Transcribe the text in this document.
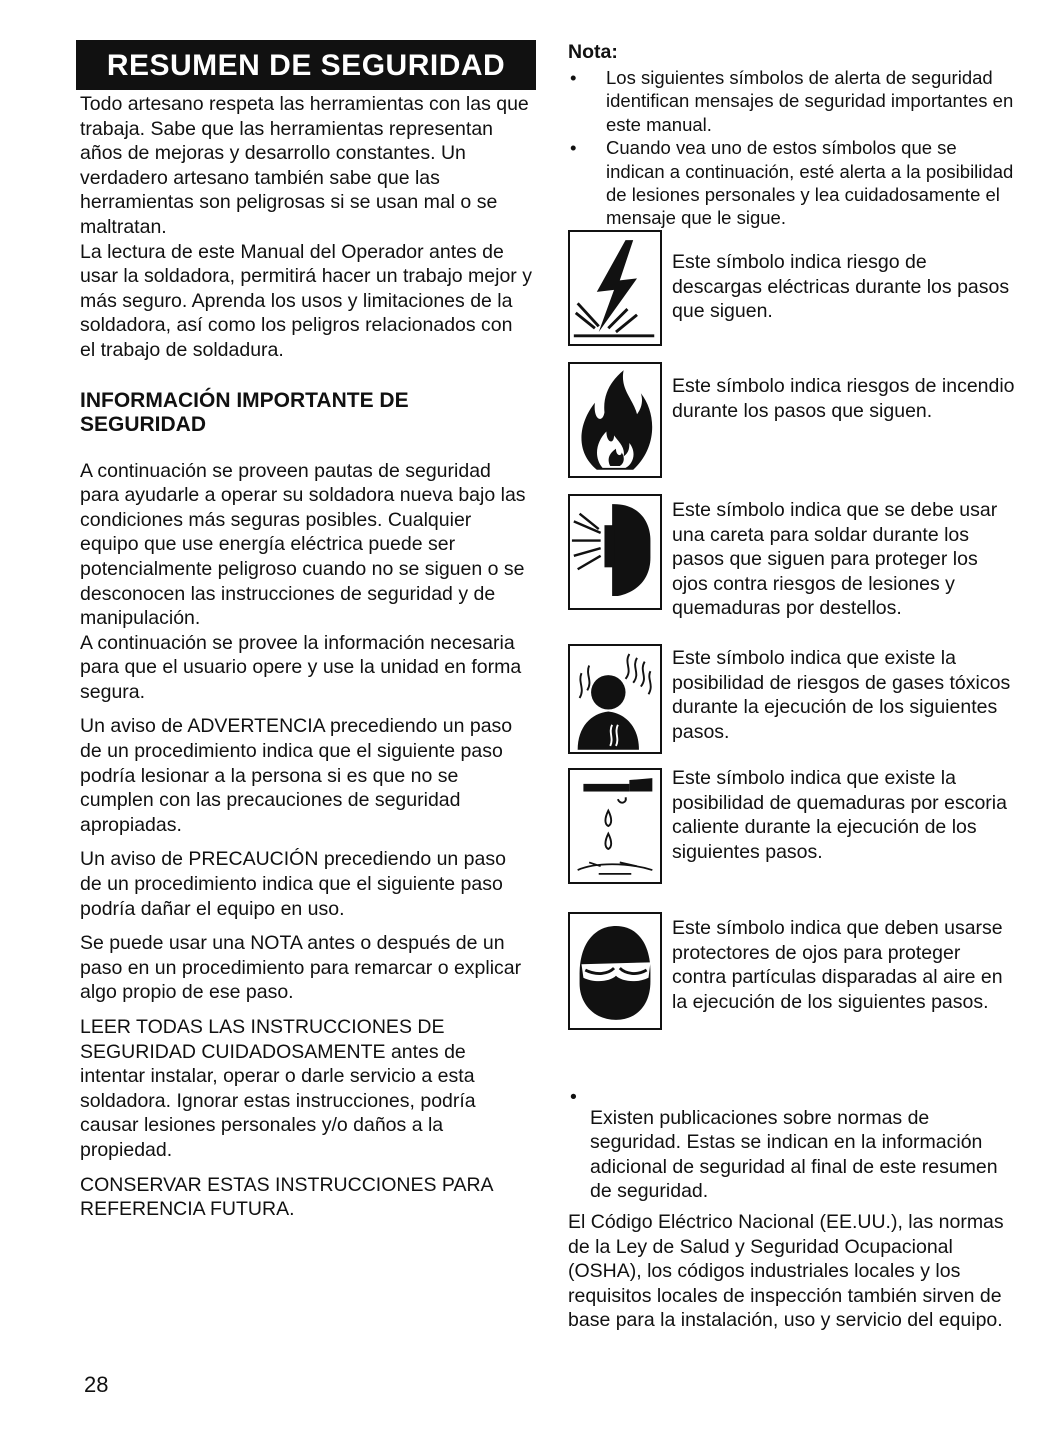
RESUMEN DE SEGURIDAD

Todo artesano respeta las herramientas con las que trabaja. Sabe que las herramientas representan años de mejoras y desarrollo constantes. Un verdadero artesano también sabe que las herramientas son peligrosas si se usan mal o se maltratan.

La lectura de este Manual del Operador antes de usar la soldadora, permitirá hacer un trabajo mejor y más seguro. Aprenda los usos y limitaciones de la soldadora, así como los peligros relacionados con el trabajo de soldadura.

INFORMACIÓN IMPORTANTE DE SEGURIDAD

A continuación se proveen pautas de seguridad para ayudarle a operar su soldadora nueva bajo las condiciones más seguras posibles. Cualquier equipo que use energía eléctrica puede ser potencialmente peligroso cuando no se siguen o se desconocen las instrucciones de seguridad y de manipulación.

A continuación se provee la información necesaria para que el usuario opere y use la unidad en forma segura.

Un aviso de ADVERTENCIA precediendo un paso de un procedimiento indica que el siguiente paso podría lesionar a la persona si es que no se cumplen con las precauciones de seguridad apropiadas.

Un aviso de PRECAUCIÓN precediendo un paso de un procedimiento indica que el siguiente paso podría dañar el equipo en uso.

Se puede usar una NOTA antes o después de un paso en un procedimiento para remarcar o explicar algo propio de ese paso.

LEER TODAS LAS INSTRUCCIONES DE SEGURIDAD CUIDADOSAMENTE antes de intentar instalar, operar o darle servicio a esta soldadora. Ignorar estas instrucciones, podría causar lesiones personales y/o daños a la propiedad.

CONSERVAR ESTAS INSTRUCCIONES PARA REFERENCIA FUTURA.

Nota:

• Los siguientes símbolos de alerta de seguridad identifican mensajes de seguridad importantes en este manual.
• Cuando vea uno de estos símbolos que se indican a continuación, esté alerta a la posibilidad de lesiones personales y lea cuidadosamente el mensaje que le sigue.

Este símbolo indica riesgo de descargas eléctricas durante los pasos que siguen.

Este símbolo indica riesgos de incendio durante los pasos que siguen.

Este símbolo indica que se debe usar una careta para soldar durante los pasos que siguen para proteger los ojos contra riesgos de lesiones y quemaduras por destellos.

Este símbolo indica que existe la posibilidad de riesgos de gases tóxicos durante la ejecución de los siguientes pasos.

Este símbolo indica que existe la posibilidad de quemaduras por escoria caliente durante la ejecución de los siguientes pasos.

Este símbolo indica que deben usarse protectores de ojos para proteger contra partículas disparadas al aire en la ejecución de los siguientes pasos.

•

Existen publicaciones sobre normas de seguridad. Estas se indican en la información adicional de seguridad al final de este resumen de seguridad.

El Código Eléctrico Nacional (EE.UU.), las normas de la Ley de Salud y Seguridad Ocupacional (OSHA), los códigos industriales locales y los requisitos locales de inspección también sirven de base para la instalación, uso y servicio del equipo.

28
